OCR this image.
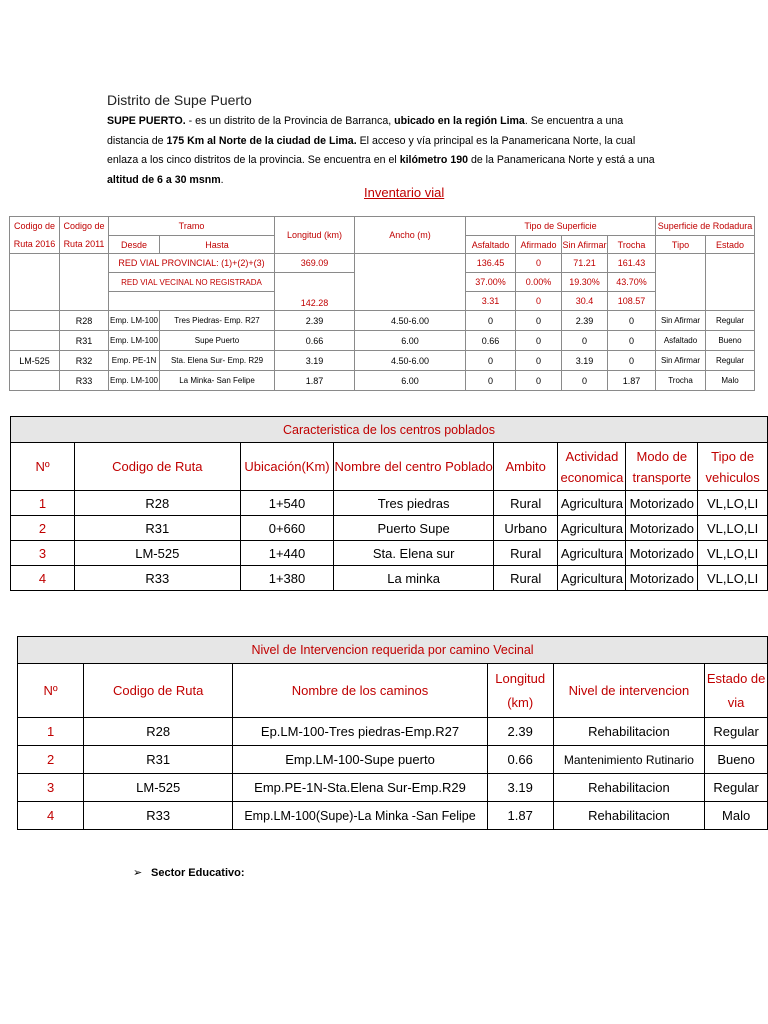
Distrito de Supe Puerto
SUPE PUERTO. - es un distrito de la Provincia de Barranca, ubicado en la región Lima. Se encuentra a una distancia de 175 Km al Norte de la ciudad de Lima. El acceso y vía principal es la Panamericana Norte, la cual enlaza a los cinco distritos de la provincia. Se encuentra en el kilómetro 190 de la Panamericana Norte y está a una altitud de 6 a 30 msnm.
Inventario vial
Codigo de Ruta 2016	Codigo de Ruta 2011	Tramo		Longitud (km)	Ancho (m)	Tipo de Superficie				Superficie de Rodadura	
		Desde	Hasta			Asfaltado	Afirmado	Sin Afirmar	Trocha	Tipo	Estado
		RED VIAL PROVINCIAL: (1)+(2)+(3)		369.09		136.45	0	71.21	161.43		
		RED VIAL VECINAL NO REGISTRADA		142.28		37.00%	0.00%	19.30%	43.70%		
						3.31	0	30.4	108.57		
	R28	Emp. LM-100	Tres Piedras- Emp. R27	2.39	4.50-6.00	0	0	2.39	0	Sin Afirmar	Regular
	R31	Emp. LM-100	Supe Puerto	0.66	6.00	0.66	0	0	0	Asfaltado	Bueno
LM-525	R32	Emp. PE-1N	Sta. Elena Sur- Emp. R29	3.19	4.50-6.00	0	0	3.19	0	Sin Afirmar	Regular
	R33	Emp. LM-100	La Minka- San Felipe	1.87	6.00	0	0	0	1.87	Trocha	Malo
Caracteristica de los centros poblados							
Nº	Codigo de Ruta	Ubicación(Km)	Nombre del centro Poblado	Ambito	Actividad economica	Modo de transporte	Tipo de vehiculos
1	R28	1+540	Tres piedras	Rural	Agricultura	Motorizado	VL,LO,LI
2	R31	0+660	Puerto Supe	Urbano	Agricultura	Motorizado	VL,LO,LI
3	LM-525	1+440	Sta. Elena sur	Rural	Agricultura	Motorizado	VL,LO,LI
4	R33	1+380	La minka	Rural	Agricultura	Motorizado	VL,LO,LI
Nivel de Intervencion requerida por camino Vecinal					
Nº	Codigo de Ruta	Nombre de los caminos	Longitud (km)	Nivel de intervencion	Estado de via
1	R28	Ep.LM-100-Tres piedras-Emp.R27	2.39	Rehabilitacion	Regular
2	R31	Emp.LM-100-Supe puerto	0.66	Mantenimiento Rutinario	Bueno
3	LM-525	Emp.PE-1N-Sta.Elena Sur-Emp.R29	3.19	Rehabilitacion	Regular
4	R33	Emp.LM-100(Supe)-La Minka -San Felipe	1.87	Rehabilitacion	Malo
➢ Sector Educativo:
